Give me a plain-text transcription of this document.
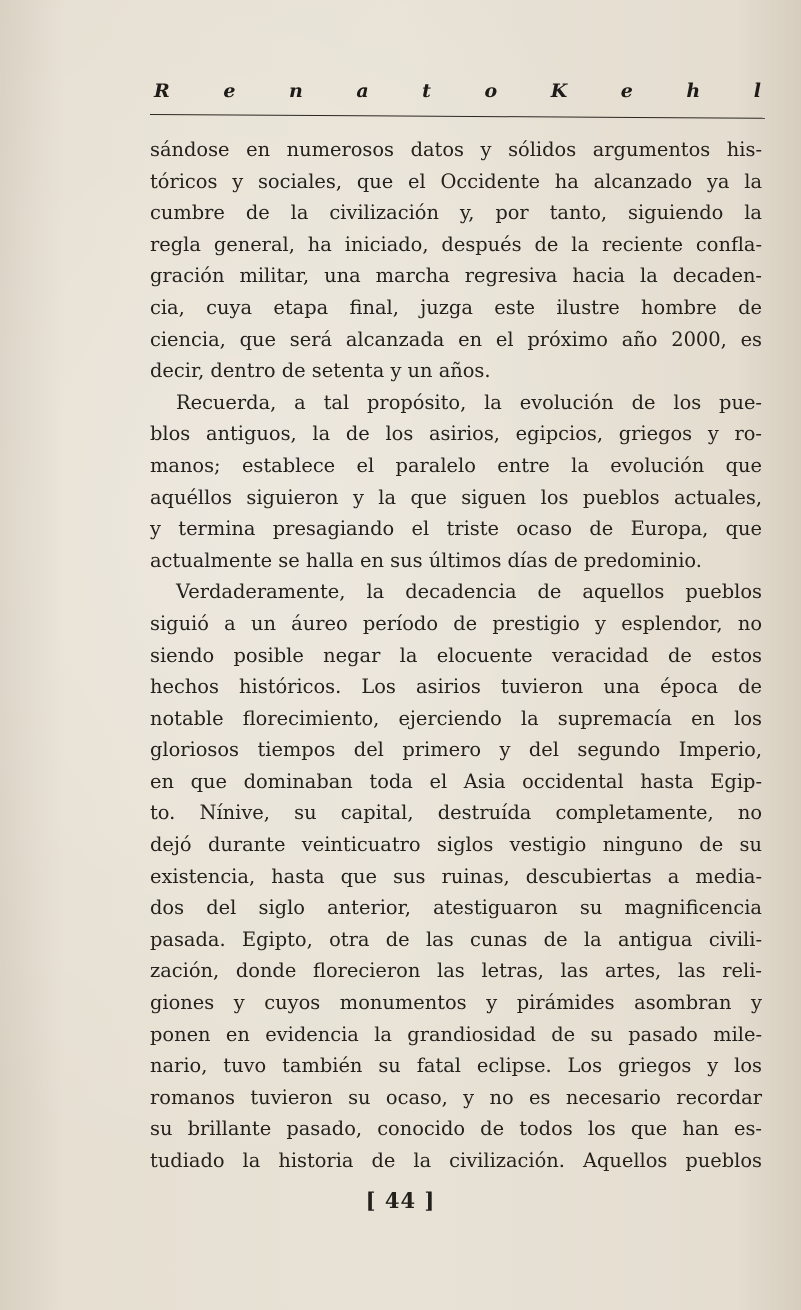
R	e	n	a	t	o	K	e	h	l
sándose en numerosos datos y sólidos argumentos his-
tóricos y sociales, que el Occidente ha alcanzado ya la
cumbre de la civilización y, por tanto, siguiendo la
regla general, ha iniciado, después de la reciente confla-
gración militar, una marcha regresiva hacia la decaden-
cia, cuya etapa final, juzga este ilustre hombre de
ciencia, que será alcanzada en el próximo año 2000, es
decir, dentro de setenta y un años.
Recuerda, a tal propósito, la evolución de los pue-
blos antiguos, la de los asirios, egipcios, griegos y ro-
manos; establece el paralelo entre la evolución que
aquéllos siguieron y la que siguen los pueblos actuales,
y termina presagiando el triste ocaso de Europa, que
actualmente se halla en sus últimos días de predominio.
Verdaderamente, la decadencia de aquellos pueblos
siguió a un áureo período de prestigio y esplendor, no
siendo posible negar la elocuente veracidad de estos
hechos históricos. Los asirios tuvieron una época de
notable florecimiento, ejerciendo la supremacía en los
gloriosos tiempos del primero y del segundo Imperio,
en que dominaban toda el Asia occidental hasta Egip-
to. Nínive, su capital, destruída completamente, no
dejó durante veinticuatro siglos vestigio ninguno de su
existencia, hasta que sus ruinas, descubiertas a media-
dos del siglo anterior, atestiguaron su magnificencia
pasada. Egipto, otra de las cunas de la antigua civili-
zación, donde florecieron las letras, las artes, las reli-
giones y cuyos monumentos y pirámides asombran y
ponen en evidencia la grandiosidad de su pasado mile-
nario, tuvo también su fatal eclipse. Los griegos y los
romanos tuvieron su ocaso, y no es necesario recordar
su brillante pasado, conocido de todos los que han es-
tudiado la historia de la civilización. Aquellos pueblos
[ 44 ]
